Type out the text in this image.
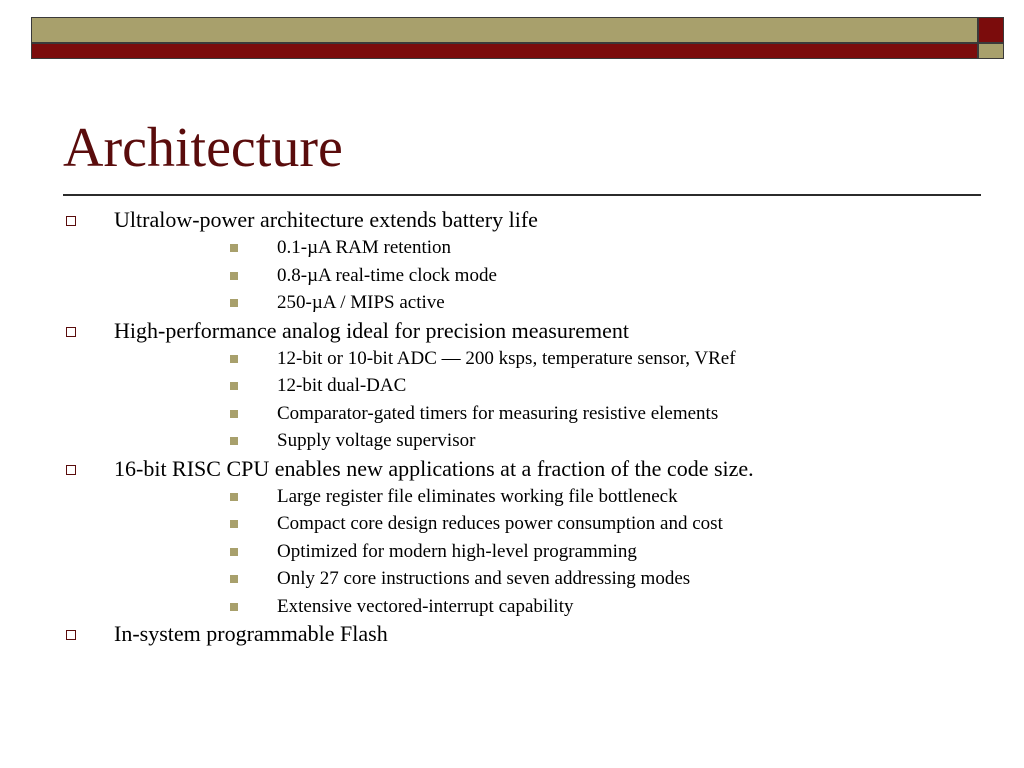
Architecture
Ultralow-power architecture extends battery life
0.1-µA RAM retention
0.8-µA real-time clock mode
250-µA / MIPS active
High-performance analog ideal for precision measurement
12-bit or 10-bit ADC — 200 ksps, temperature sensor, VRef
12-bit dual-DAC
Comparator-gated timers for measuring resistive elements
Supply voltage supervisor
16-bit RISC CPU enables new applications at a fraction of the code size.
Large register file eliminates working file bottleneck
Compact core design reduces power consumption and cost
Optimized for modern high-level programming
Only 27 core instructions and seven addressing modes
Extensive vectored-interrupt capability
In-system programmable Flash
